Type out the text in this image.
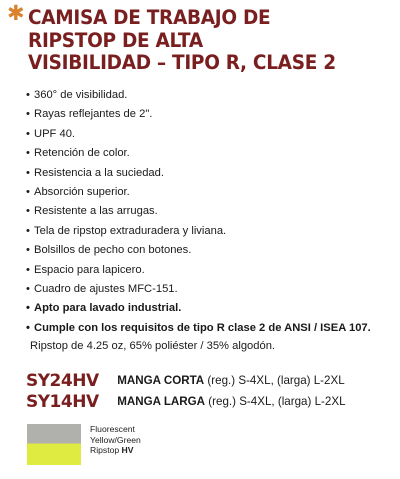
✱ CAMISA DE TRABAJO DE
RIPSTOP DE ALTA
VISIBILIDAD – TIPO R, CLASE 2
• 360° de visibilidad.
• Rayas reflejantes de 2".
• UPF 40.
• Retención de color.
• Resistencia a la suciedad.
• Absorción superior.
• Resistente a las arrugas.
• Tela de ripstop extraduradera y liviana.
• Bolsillos de pecho con botones.
• Espacio para lapicero.
• Cuadro de ajustes MFC-151.
• Apto para lavado industrial.
• Cumple con los requisitos de tipo R clase 2 de ANSI / ISEA 107.
Ripstop de 4.25 oz, 65% poliéster / 35% algodón.
SY24HV MANGA CORTA (reg.) S-4XL, (larga) L-2XL
SY14HV MANGA LARGA (reg.) S-4XL, (larga) L-2XL
Fluorescent
Yellow/Green
Ripstop HV
